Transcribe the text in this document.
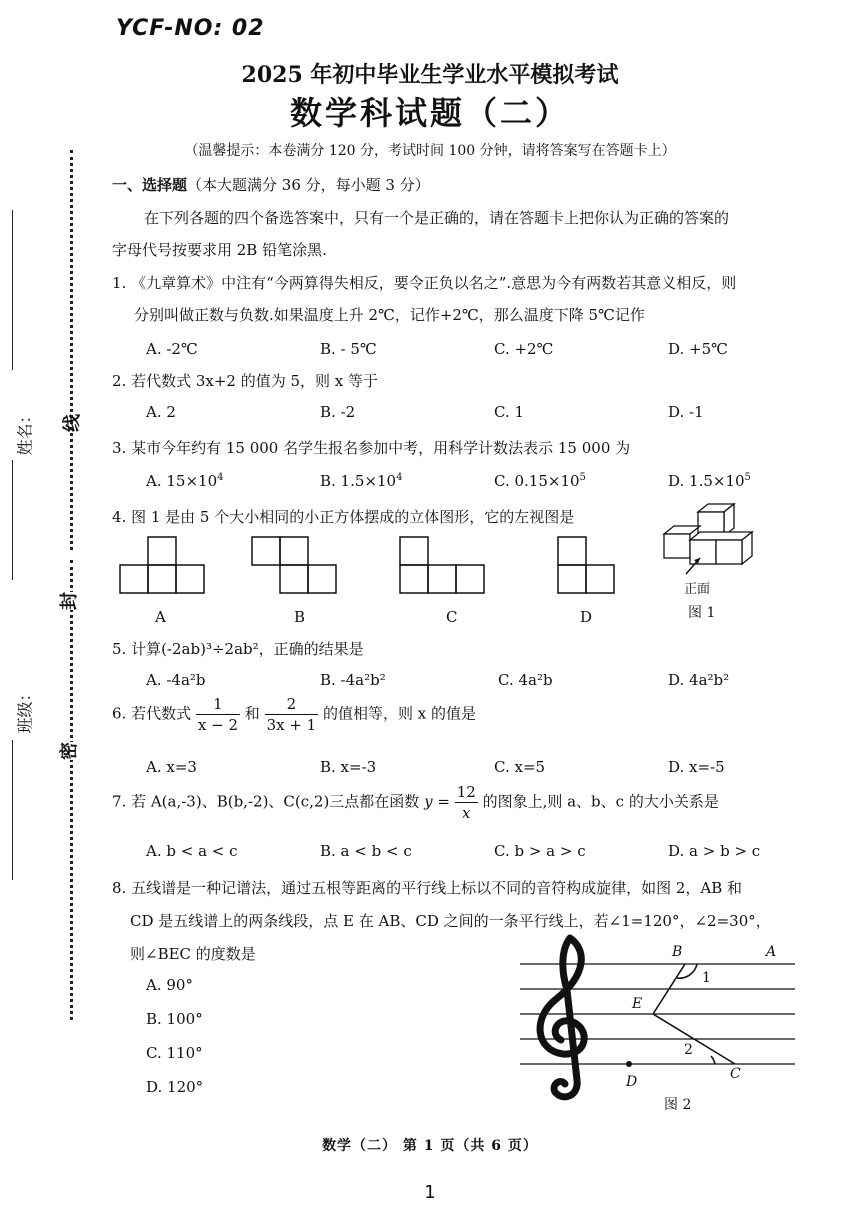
YCF-NO: 02
2025 年初中毕业生学业水平模拟考试
数学科试题（二）
（温馨提示：本卷满分 120 分，考试时间 100 分钟，请将答案写在答题卡上）
线
封
密
姓名：
班级：
一、选择题（本大题满分 36 分，每小题 3 分）
在下列各题的四个备选答案中，只有一个是正确的，请在答题卡上把你认为正确的答案的
字母代号按要求用 2B 铅笔涂黑.
1. 《九章算术》中注有“今两算得失相反，要令正负以名之”.意思为今有两数若其意义相反，则
分别叫做正数与负数.如果温度上升 2℃，记作+2℃，那么温度下降 5℃记作
A. -2℃	B. - 5℃	C. +2℃	D. +5℃
2. 若代数式 3x+2 的值为 5，则 x 等于
A. 2	B. -2	C. 1	D. -1
3. 某市今年约有 15 000 名学生报名参加中考，用科学计数法表示 15 000 为
A. $15\times 10^4$	B. $1.5\times 10^4$	C. $0.15\times 10^5$	D. $1.5\times 10^5$
4. 图 1 是由 5 个大小相同的小正方体摆成的立体图形，它的左视图是
A	B	C	D
正面
图 1
5. 计算(-2ab)³÷2ab²，正确的结果是
A. -4a²b	B. -4a²b²	C. 4a²b	D. 4a²b²
6. 若代数式 $\frac{1}{x - 2}$ 和 $\frac{2}{3x + 1}$ 的值相等，则 x 的值是
A. x=3	B. x=-3	C. x=5	D. x=-5
7. 若 A(a,-3)、B(b,-2)、C(c,2)三点都在函数 $y = \frac{12}{x}$ 的图象上,则 a、b、c 的大小关系是
A. b < a < c	B. a < b < c	C. b > a > c	D. a > b > c
8. 五线谱是一种记谱法，通过五根等距离的平行线上标以不同的音符构成旋律，如图 2，AB 和
CD 是五线谱上的两条线段，点 E 在 AB、CD 之间的一条平行线上，若∠1=120°，∠2=30°，
则∠BEC 的度数是
A. 90°
B. 100°
C. 110°
D. 120°
B	A
1
E
2
C
D
图 2
数学（二） 第 1 页（共 6 页）
1
